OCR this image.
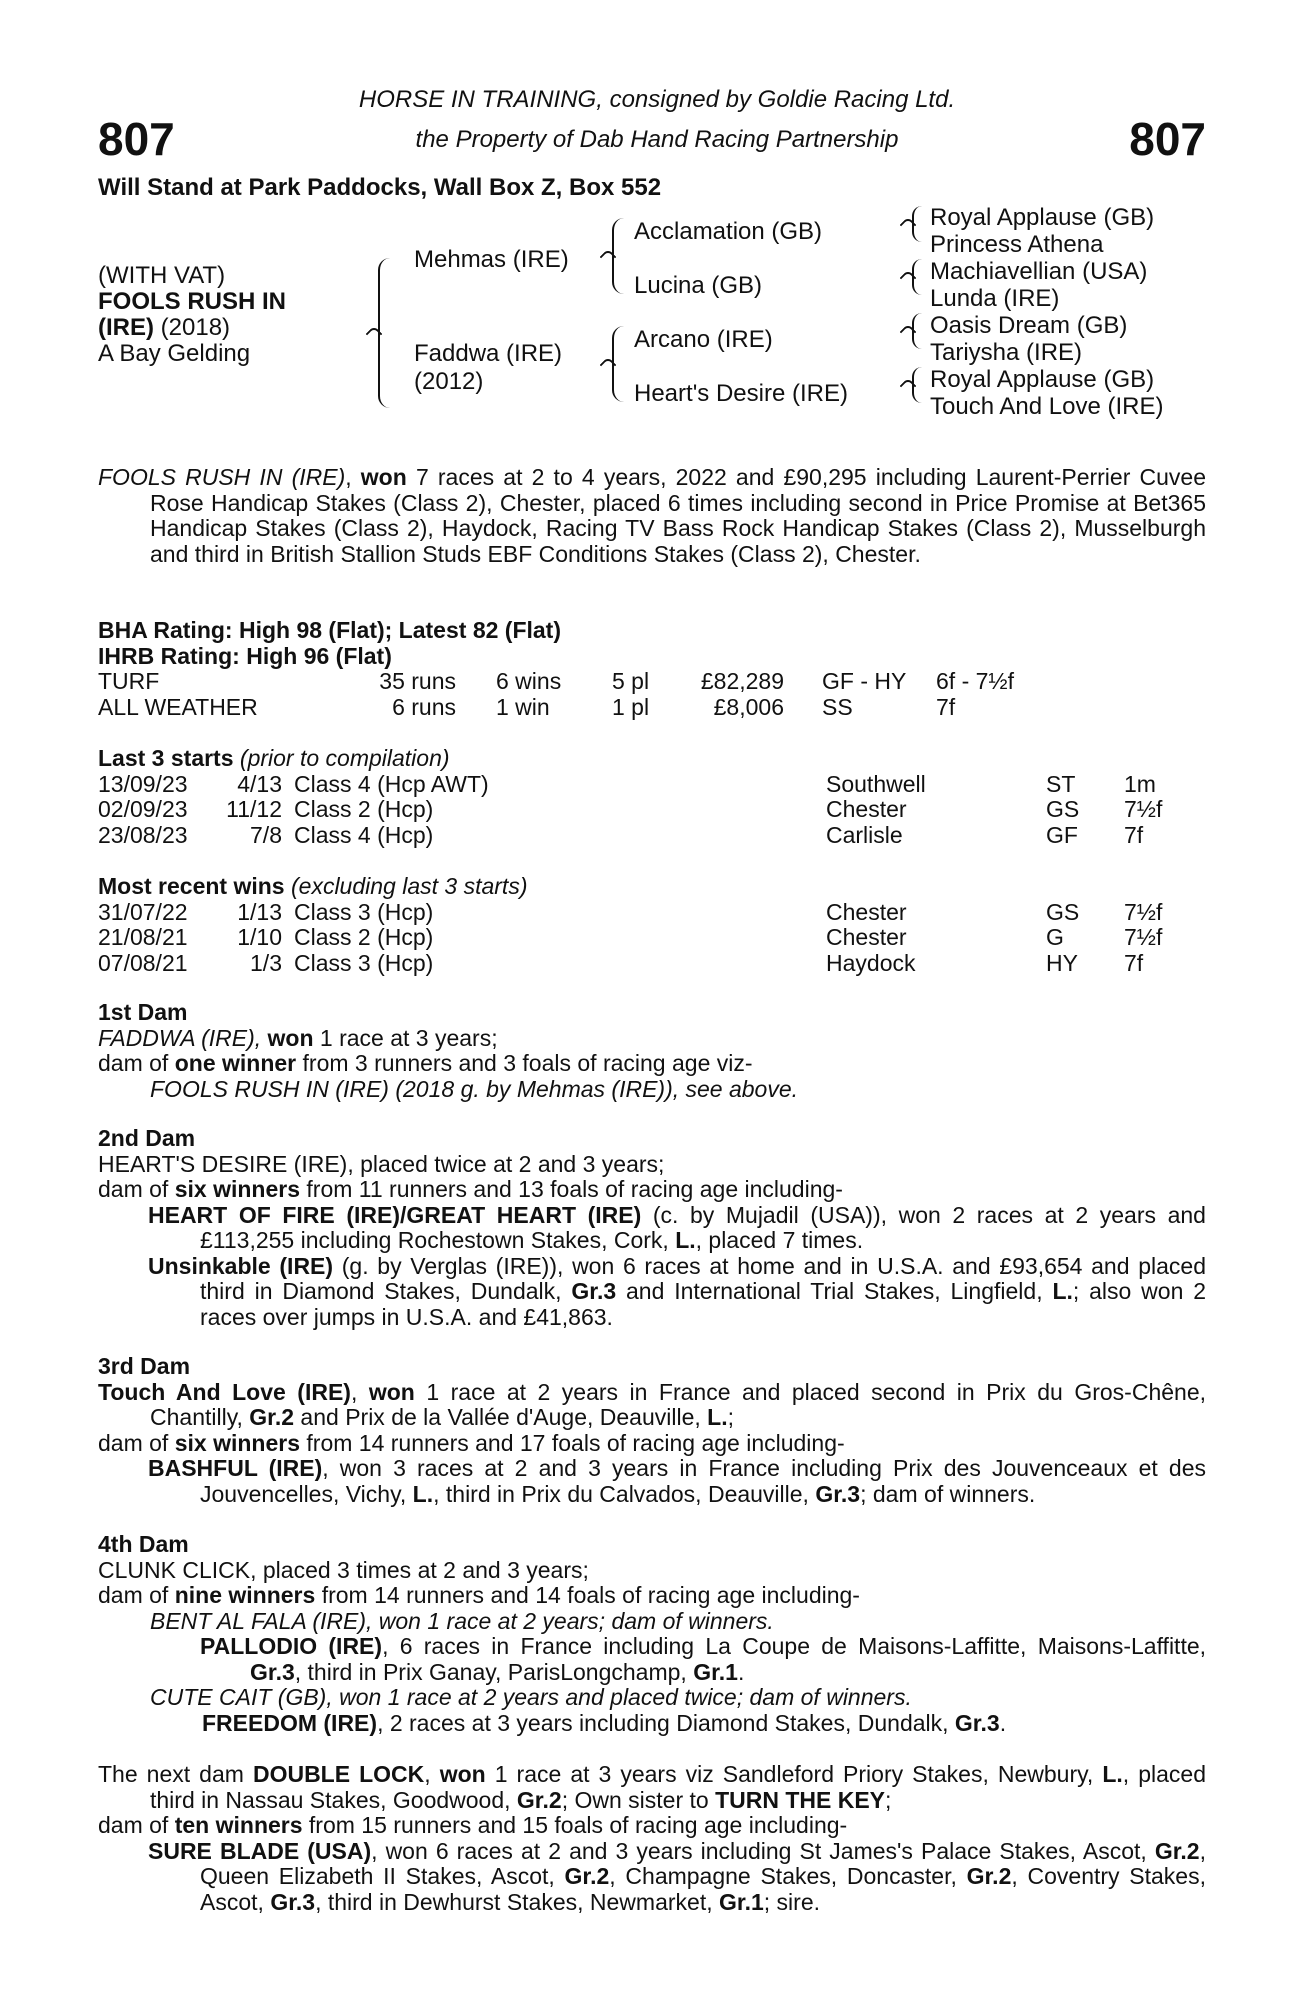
807	807
HORSE IN TRAINING, consigned by Goldie Racing Ltd.
the Property of Dab Hand Racing Partnership
Will Stand at Park Paddocks, Wall Box Z, Box 552
(WITH VAT)
FOOLS RUSH IN
(IRE) (2018)
A Bay Gelding
Mehmas (IRE)
Faddwa (IRE)
(2012)
Acclamation (GB)
Lucina (GB)
Arcano (IRE)
Heart's Desire (IRE)
Royal Applause (GB)
Princess Athena
Machiavellian (USA)
Lunda (IRE)
Oasis Dream (GB)
Tariysha (IRE)
Royal Applause (GB)
Touch And Love (IRE)

FOOLS RUSH IN (IRE), won 7 races at 2 to 4 years, 2022 and £90,295 including Laurent-Perrier Cuvee Rose Handicap Stakes (Class 2), Chester, placed 6 times including second in Price Promise at Bet365 Handicap Stakes (Class 2), Haydock, Racing TV Bass Rock Handicap Stakes (Class 2), Musselburgh and third in British Stallion Studs EBF Conditions Stakes (Class 2), Chester.

BHA Rating: High 98 (Flat); Latest 82 (Flat)

IHRB Rating: High 96 (Flat)

TURF	35 runs		6 wins	5 pl	£82,289		GF - HY	6f - 7½f
ALL WEATHER	6 runs		1 win	1 pl	£8,006		SS	7f

Last 3 starts (prior to compilation)

13/09/23	4/13		Class 4 (Hcp AWT)	Southwell	ST	1m
02/09/23	11/12		Class 2 (Hcp)	Chester	GS	7½f
23/08/23	7/8		Class 4 (Hcp)	Carlisle	GF	7f

Most recent wins (excluding last 3 starts)

31/07/22	1/13		Class 3 (Hcp)	Chester	GS	7½f
21/08/21	1/10		Class 2 (Hcp)	Chester	G	7½f
07/08/21	1/3		Class 3 (Hcp)	Haydock	HY	7f

1st Dam

FADDWA (IRE), won 1 race at 3 years;

dam of one winner from 3 runners and 3 foals of racing age viz-

FOOLS RUSH IN (IRE) (2018 g. by Mehmas (IRE)), see above.

2nd Dam

HEART'S DESIRE (IRE), placed twice at 2 and 3 years;

dam of six winners from 11 runners and 13 foals of racing age including-

HEART OF FIRE (IRE)/GREAT HEART (IRE) (c. by Mujadil (USA)), won 2 races at 2 years and £113,255 including Rochestown Stakes, Cork, L., placed 7 times.

Unsinkable (IRE) (g. by Verglas (IRE)), won 6 races at home and in U.S.A. and £93,654 and placed third in Diamond Stakes, Dundalk, Gr.3 and International Trial Stakes, Lingfield, L.; also won 2 races over jumps in U.S.A. and £41,863.

3rd Dam

Touch And Love (IRE), won 1 race at 2 years in France and placed second in Prix du Gros-Chêne, Chantilly, Gr.2 and Prix de la Vallée d'Auge, Deauville, L.;

dam of six winners from 14 runners and 17 foals of racing age including-

BASHFUL (IRE), won 3 races at 2 and 3 years in France including Prix des Jouvenceaux et des Jouvencelles, Vichy, L., third in Prix du Calvados, Deauville, Gr.3; dam of winners.

4th Dam

CLUNK CLICK, placed 3 times at 2 and 3 years;

dam of nine winners from 14 runners and 14 foals of racing age including-

BENT AL FALA (IRE), won 1 race at 2 years; dam of winners.

PALLODIO (IRE), 6 races in France including La Coupe de Maisons-Laffitte, Maisons-Laffitte, Gr.3, third in Prix Ganay, ParisLongchamp, Gr.1.

CUTE CAIT (GB), won 1 race at 2 years and placed twice; dam of winners.

FREEDOM (IRE), 2 races at 3 years including Diamond Stakes, Dundalk, Gr.3.

The next dam DOUBLE LOCK, won 1 race at 3 years viz Sandleford Priory Stakes, Newbury, L., placed third in Nassau Stakes, Goodwood, Gr.2; Own sister to TURN THE KEY;

dam of ten winners from 15 runners and 15 foals of racing age including-

SURE BLADE (USA), won 6 races at 2 and 3 years including St James's Palace Stakes, Ascot, Gr.2, Queen Elizabeth II Stakes, Ascot, Gr.2, Champagne Stakes, Doncaster, Gr.2, Coventry Stakes, Ascot, Gr.3, third in Dewhurst Stakes, Newmarket, Gr.1; sire.
